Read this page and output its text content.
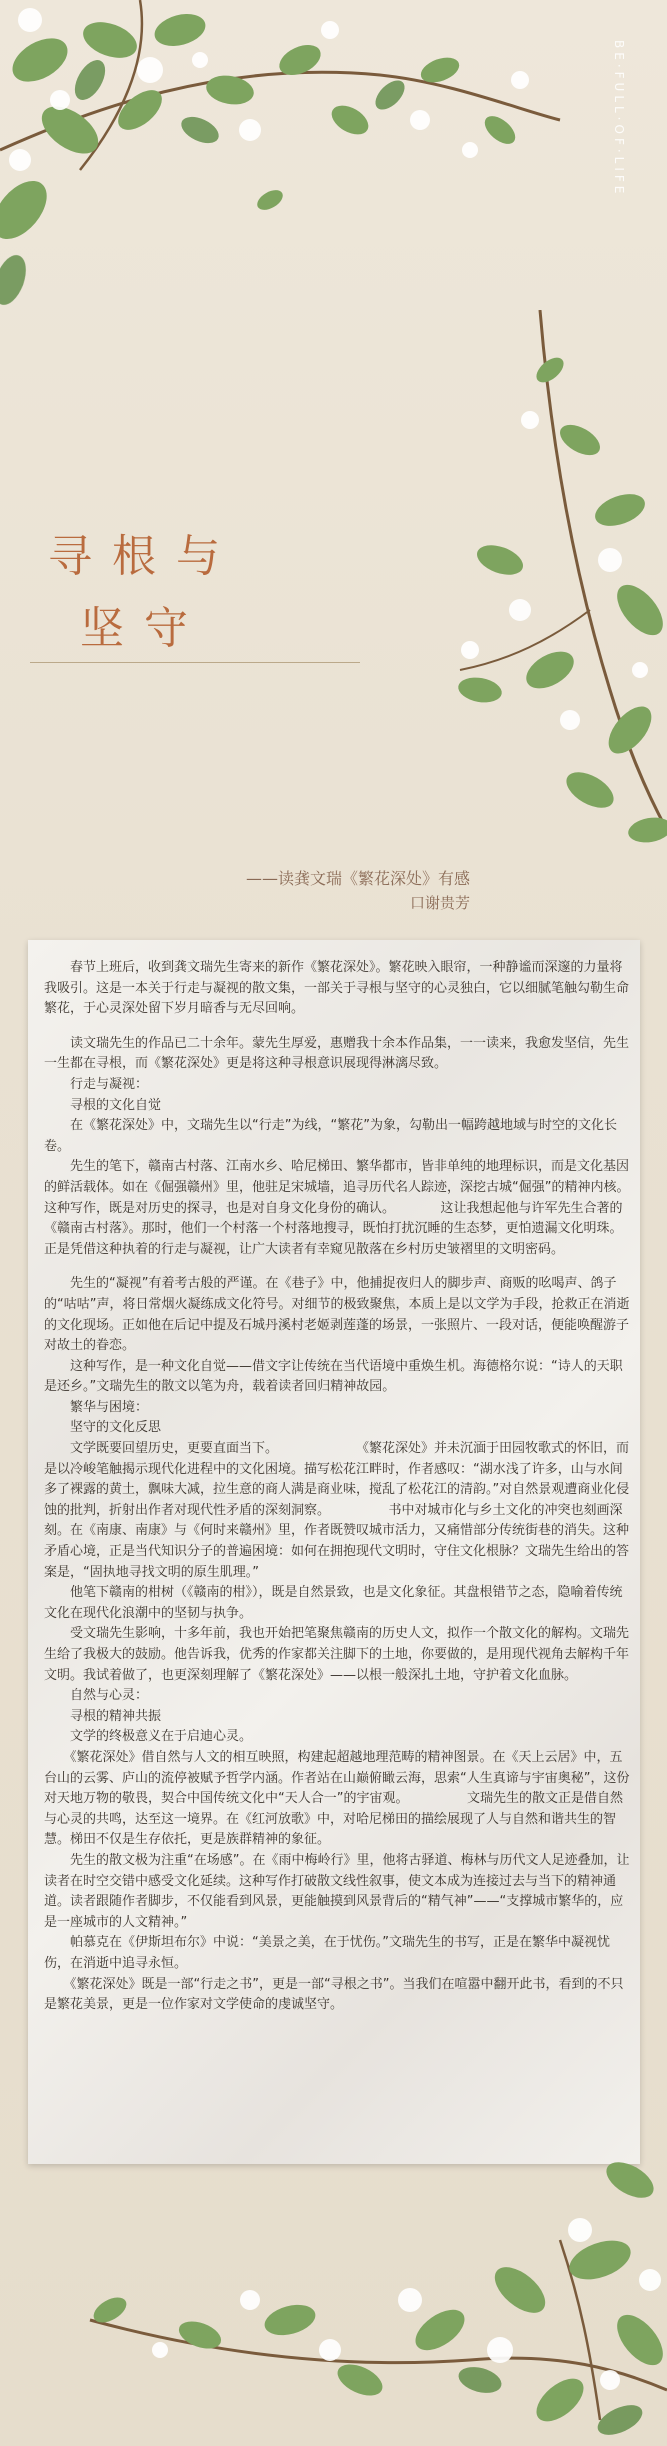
BE·FULL·OF·LIFE
寻根与
坚守
——读龚文瑞《繁花深处》有感
口谢贵芳

　　春节上班后，收到龚文瑞先生寄来的新作《繁花深处》。繁花映入眼帘，一种静谧而深邃的力量将我吸引。这是一本关于行走与凝视的散文集，一部关于寻根与坚守的心灵独白，它以细腻笔触勾勒生命繁花，于心灵深处留下岁月暗香与无尽回响。

　　读文瑞先生的作品已二十余年。蒙先生厚爱，惠赠我十余本作品集，一一读来，我愈发坚信，先生一生都在寻根，而《繁花深处》更是将这种寻根意识展现得淋漓尽致。

　　行走与凝视：

　　寻根的文化自觉

　　在《繁花深处》中，文瑞先生以“行走”为线，“繁花”为象，勾勒出一幅跨越地域与时空的文化长卷。

　　先生的笔下，赣南古村落、江南水乡、哈尼梯田、繁华都市，皆非单纯的地理标识，而是文化基因的鲜活载体。如在《倔强赣州》里，他驻足宋城墙，追寻历代名人踪迹，深挖古城“倔强”的精神内核。这种写作，既是对历史的探寻，也是对自身文化身份的确认。　　　　这让我想起他与许军先生合著的《赣南古村落》。那时，他们一个村落一个村落地搜寻，既怕打扰沉睡的生态梦，更怕遗漏文化明珠。正是凭借这种执着的行走与凝视，让广大读者有幸窥见散落在乡村历史皱褶里的文明密码。

　　先生的“凝视”有着考古般的严谨。在《巷子》中，他捕捉夜归人的脚步声、商贩的吆喝声、鸽子的“咕咕”声，将日常烟火凝练成文化符号。对细节的极致聚焦，本质上是以文学为手段，抢救正在消逝的文化现场。正如他在后记中提及石城丹溪村老姬剥莲蓬的场景，一张照片、一段对话，便能唤醒游子对故土的眷恋。

　　这种写作，是一种文化自觉——借文字让传统在当代语境中重焕生机。海德格尔说：“诗人的天职是还乡。”文瑞先生的散文以笔为舟，载着读者回归精神故园。

　　繁华与困境：

　　坚守的文化反思

　　文学既要回望历史，更要直面当下。　　　　　　　《繁花深处》并未沉湎于田园牧歌式的怀旧，而是以冷峻笔触揭示现代化进程中的文化困境。描写松花江畔时，作者感叹：“湖水浅了许多，山与水间多了裸露的黄土，飘味大减，拉生意的商人满是商业味，搅乱了松花江的清韵。”对自然景观遭商业化侵蚀的批判，折射出作者对现代性矛盾的深刻洞察。　　　　　书中对城市化与乡土文化的冲突也刻画深刻。在《南康、南康》与《何时来赣州》里，作者既赞叹城市活力，又痛惜部分传统街巷的消失。这种矛盾心境，正是当代知识分子的普遍困境：如何在拥抱现代文明时，守住文化根脉？文瑞先生给出的答案是，“固执地寻找文明的原生肌理。”

　　他笔下赣南的柑树（《赣南的柑》），既是自然景致，也是文化象征。其盘根错节之态，隐喻着传统文化在现代化浪潮中的坚韧与执争。

　　受文瑞先生影响，十多年前，我也开始把笔聚焦赣南的历史人文，拟作一个散文化的解构。文瑞先生给了我极大的鼓励。他告诉我，优秀的作家都关注脚下的土地，你要做的，是用现代视角去解构千年文明。我试着做了，也更深刻理解了《繁花深处》——以根一般深扎土地，守护着文化血脉。

　　自然与心灵：

　　寻根的精神共振

　　文学的终极意义在于启迪心灵。

　　《繁花深处》借自然与人文的相互映照，构建起超越地理范畴的精神图景。在《天上云居》中，五台山的云雾、庐山的流停被赋予哲学内涵。作者站在山巅俯瞰云海，思索“人生真谛与宇宙奥秘”，这份对天地万物的敬畏，契合中国传统文化中“天人合一”的宇宙观。　　　　　文瑞先生的散文正是借自然与心灵的共鸣，达至这一境界。在《红河放歌》中，对哈尼梯田的描绘展现了人与自然和谐共生的智慧。梯田不仅是生存依托，更是族群精神的象征。

　　先生的散文极为注重“在场感”。在《雨中梅岭行》里，他将古驿道、梅林与历代文人足迹叠加，让读者在时空交错中感受文化延续。这种写作打破散文线性叙事，使文本成为连接过去与当下的精神通道。读者跟随作者脚步，不仅能看到风景，更能触摸到风景背后的“精气神”——“支撑城市繁华的，应是一座城市的人文精神。”

　　帕慕克在《伊斯坦布尔》中说：“美景之美，在于忧伤。”文瑞先生的书写，正是在繁华中凝视忧伤，在消逝中追寻永恒。

　　《繁花深处》既是一部“行走之书”，更是一部“寻根之书”。当我们在喧嚣中翻开此书，看到的不只是繁花美景，更是一位作家对文学使命的虔诚坚守。
